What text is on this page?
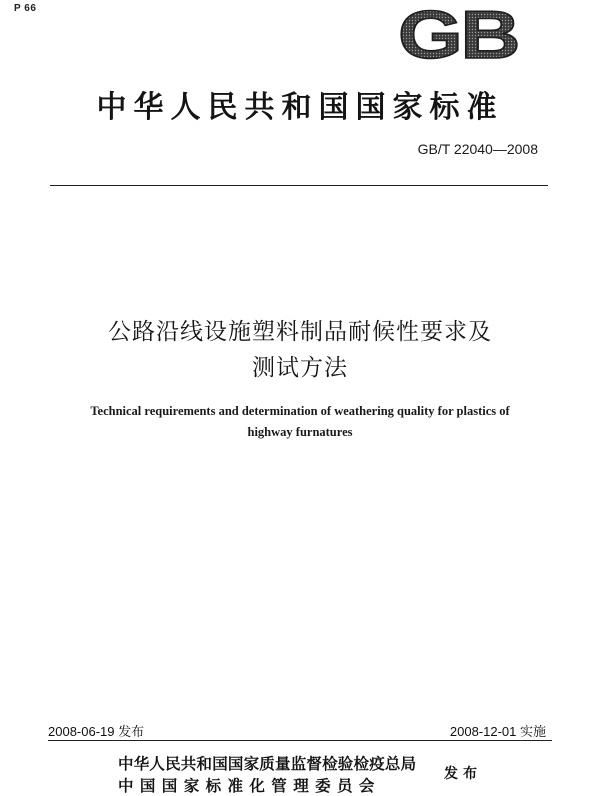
P 66	GB
中华人民共和国国家标准
GB/T 22040—2008
公路沿线设施塑料制品耐候性要求及
测试方法
Technical requirements and determination of weathering quality for plastics of
highway furnatures
2008-06-19 发布	2008-12-01 实施
中华人民共和国国家质量监督检验检疫总局
中国国家标准化管理委员会
发布
